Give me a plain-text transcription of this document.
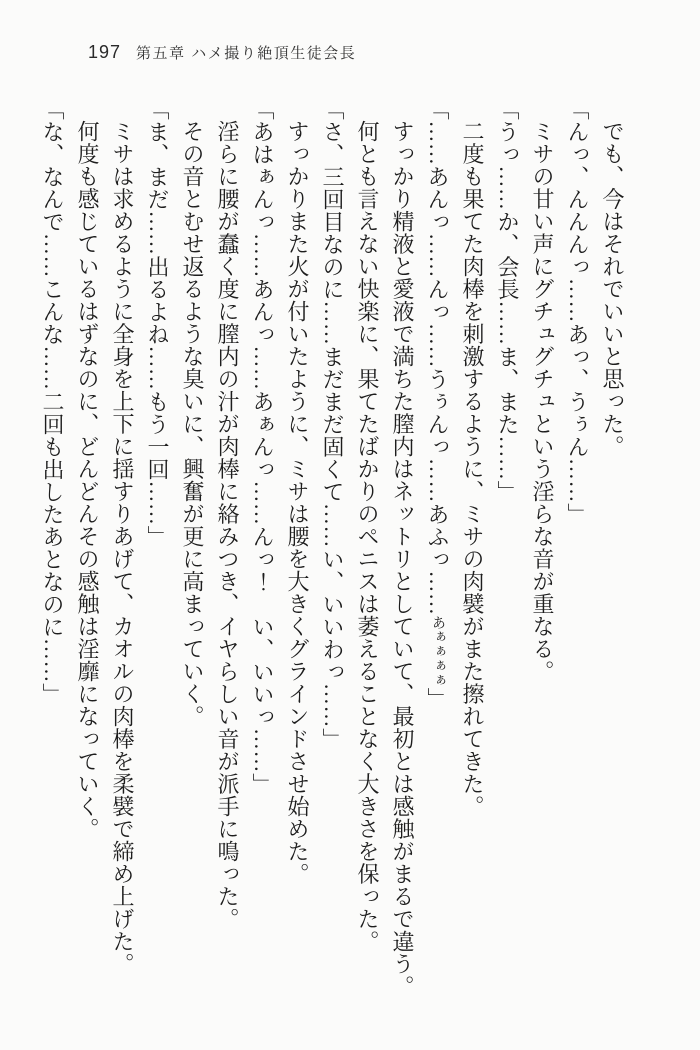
197 第五章 ハメ撮り絶頂生徒会長

でも、今はそれでいいと思った。

「んっ、んんんっ……あっ、うぅん……」

ミサの甘い声にグチュグチュという淫らな音が重なる。

「うっ……か、会長……ま、また……」

二度も果てた肉棒を刺激するように、ミサの肉襞がまた擦れてきた。

「……あんっ……んっ……うぅんっ……あふっ……あぁぁぁぁ」

すっかり精液と愛液で満ちた膣内はネットリとしていて、最初とは感触がまるで違う。

何とも言えない快楽に、果てたばかりのペニスは萎えることなく大きさを保った。

「さ、三回目なのに……まだまだ固くて……い、いいわっ……」

すっかりまた火が付いたように、ミサは腰を大きくグラインドさせ始めた。

「あはぁんっ……あんっ……あぁんっ……んっ！　い、いいっ……」

淫らに腰が蠢く度に膣内の汁が肉棒に絡みつき、イヤらしい音が派手に鳴った。

その音とむせ返るような臭いに、興奮が更に高まっていく。

「ま、まだ……出るよね……もう一回……」

ミサは求めるように全身を上下に揺すりあげて、カオルの肉棒を柔襞で締め上げた。

何度も感じているはずなのに、どんどんその感触は淫靡になっていく。

「な、なんで……こんな……二回も出したあとなのに……」
